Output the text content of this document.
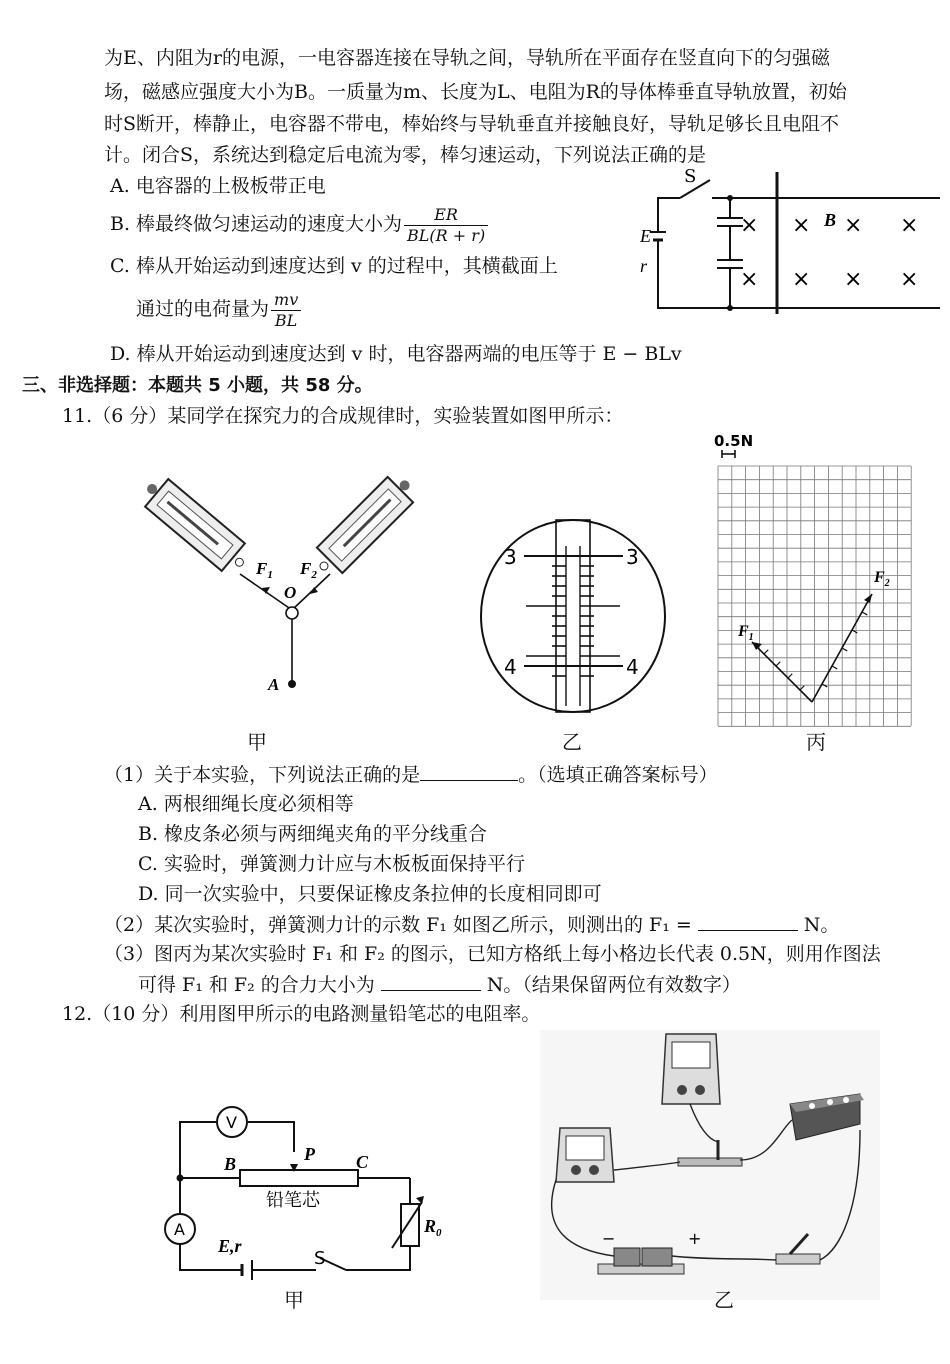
为E、内阻为r的电源，一电容器连接在导轨之间，导轨所在平面存在竖直向下的匀强磁
场，磁感应强度大小为B。一质量为m、长度为L、电阻为R的导体棒垂直导轨放置，初始
时S断开，棒静止，电容器不带电，棒始终与导轨垂直并接触良好，导轨足够长且电阻不
计。闭合S，系统达到稳定后电流为零，棒匀速运动，下列说法正确的是
A. 电容器的上极板带正电
B. 棒最终做匀速运动的速度大小为 $\frac{ER}{BL(R + r)}$
C. 棒从开始运动到速度达到 v 的过程中，其横截面上
通过的电荷量为 $\frac{mv}{BL}$
D. 棒从开始运动到速度达到 v 时，电容器两端的电压等于 E − BLv
S
E
r
×
×
× × ×
× × ×
B
三、非选择题：本题共 5 小题，共 58 分。
11.（6 分）某同学在探究力的合成规律时，实验装置如图甲所示：
$F_1$ $F_2$
O
A
甲
3	3
4	4
乙
0.5N
$F_1$
$F_2$
丙
（1）关于本实验，下列说法正确的是	。（选填正确答案标号）
A. 两根细绳长度必须相等
B. 橡皮条必须与两细绳夹角的平分线重合
C. 实验时，弹簧测力计应与木板板面保持平行
D. 同一次实验中，只要保证橡皮条拉伸的长度相同即可
（2）某次实验时，弹簧测力计的示数 F₁ 如图乙所示，则测出的 F₁ =	N。
（3）图丙为某次实验时 F₁ 和 F₂ 的图示，已知方格纸上每小格边长代表 0.5N，则用作图法
可得 F₁ 和 F₂ 的合力大小为	N。（结果保留两位有效数字）
12.（10 分）利用图甲所示的电路测量铅笔芯的电阻率。
V
A
铅笔芯
S
P
B	C
E,r
$R_0$
甲
−	+
乙
